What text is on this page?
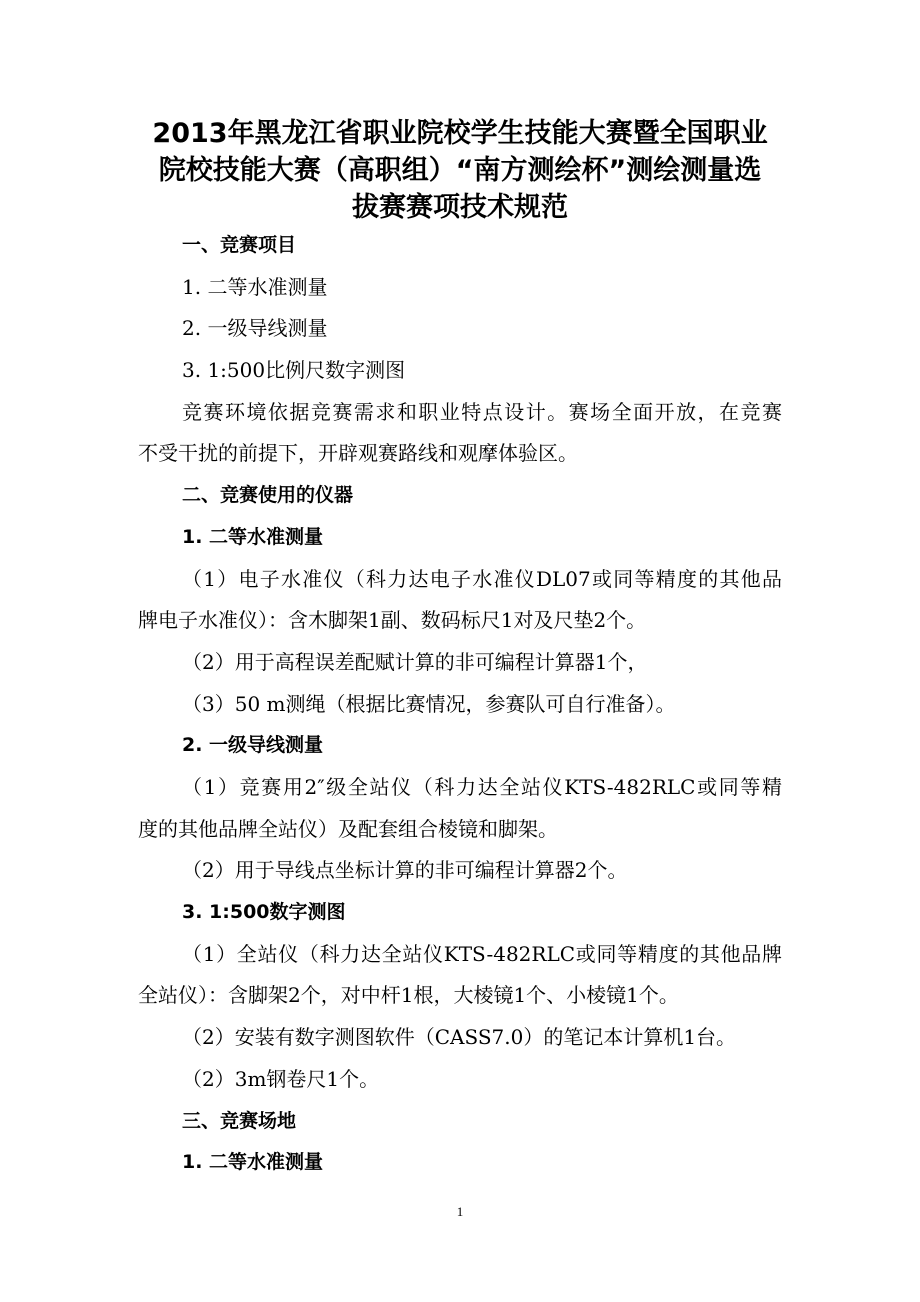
2013年黑龙江省职业院校学生技能大赛暨全国职业
院校技能大赛（高职组）“南方测绘杯”测绘测量选
拔赛赛项技术规范
一、竞赛项目
1. 二等水准测量
2. 一级导线测量
3. 1:500比例尺数字测图
竞赛环境依据竞赛需求和职业特点设计。赛场全面开放，在竞赛
不受干扰的前提下，开辟观赛路线和观摩体验区。
二、竞赛使用的仪器
1. 二等水准测量
（1）电子水准仪（科力达电子水准仪DL07或同等精度的其他品
牌电子水准仪）：含木脚架1副、数码标尺1对及尺垫2个。
（2）用于高程误差配赋计算的非可编程计算器1个，
（3）50 m测绳（根据比赛情况，参赛队可自行准备）。
2. 一级导线测量
（1）竞赛用2″级全站仪（科力达全站仪KTS-482RLC或同等精
度的其他品牌全站仪）及配套组合棱镜和脚架。
（2）用于导线点坐标计算的非可编程计算器2个。
3. 1:500数字测图
（1）全站仪（科力达全站仪KTS-482RLC或同等精度的其他品牌
全站仪）：含脚架2个，对中杆1根，大棱镜1个、小棱镜1个。
（2）安装有数字测图软件（CASS7.0）的笔记本计算机1台。
（2）3m钢卷尺1个。
三、竞赛场地
1. 二等水准测量
1
